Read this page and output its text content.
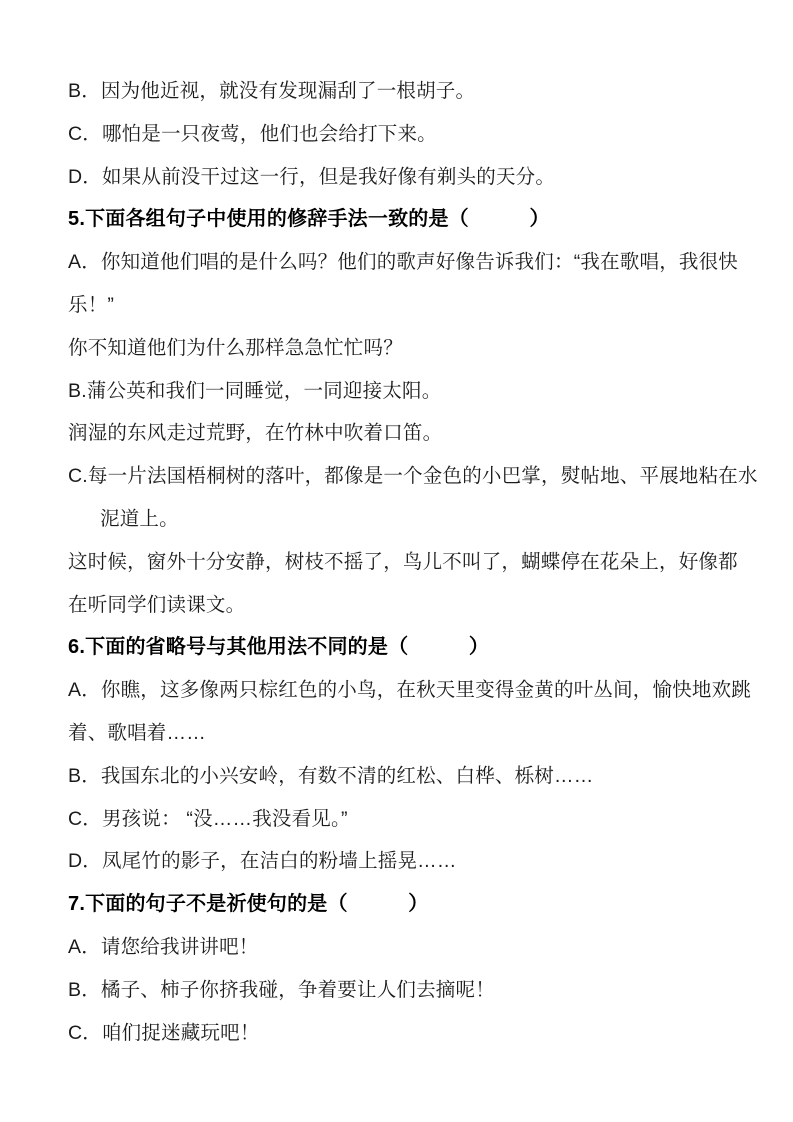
B．因为他近视，就没有发现漏刮了一根胡子。
C．哪怕是一只夜莺，他们也会给打下来。
D．如果从前没干过这一行，但是我好像有剃头的天分。
5.下面各组句子中使用的修辞手法一致的是（　　　）
A．你知道他们唱的是什么吗？他们的歌声好像告诉我们：“我在歌唱，我很快
乐！”
你不知道他们为什么那样急急忙忙吗？
B.蒲公英和我们一同睡觉，一同迎接太阳。
润湿的东风走过荒野，在竹林中吹着口笛。
C.每一片法国梧桐树的落叶，都像是一个金色的小巴掌，熨帖地、平展地粘在水
泥道上。
这时候，窗外十分安静，树枝不摇了，鸟儿不叫了，蝴蝶停在花朵上，好像都
在听同学们读课文。
6.下面的省略号与其他用法不同的是（　　　）
A．你瞧，这多像两只棕红色的小鸟，在秋天里变得金黄的叶丛间，愉快地欢跳
着、歌唱着……
B．我国东北的小兴安岭，有数不清的红松、白桦、栎树……
C．男孩说： “没……我没看见。”
D．凤尾竹的影子，在洁白的粉墙上摇晃……
7.下面的句子不是祈使句的是（　　　）
A．请您给我讲讲吧！
B．橘子、柿子你挤我碰，争着要让人们去摘呢！
C．咱们捉迷藏玩吧！
